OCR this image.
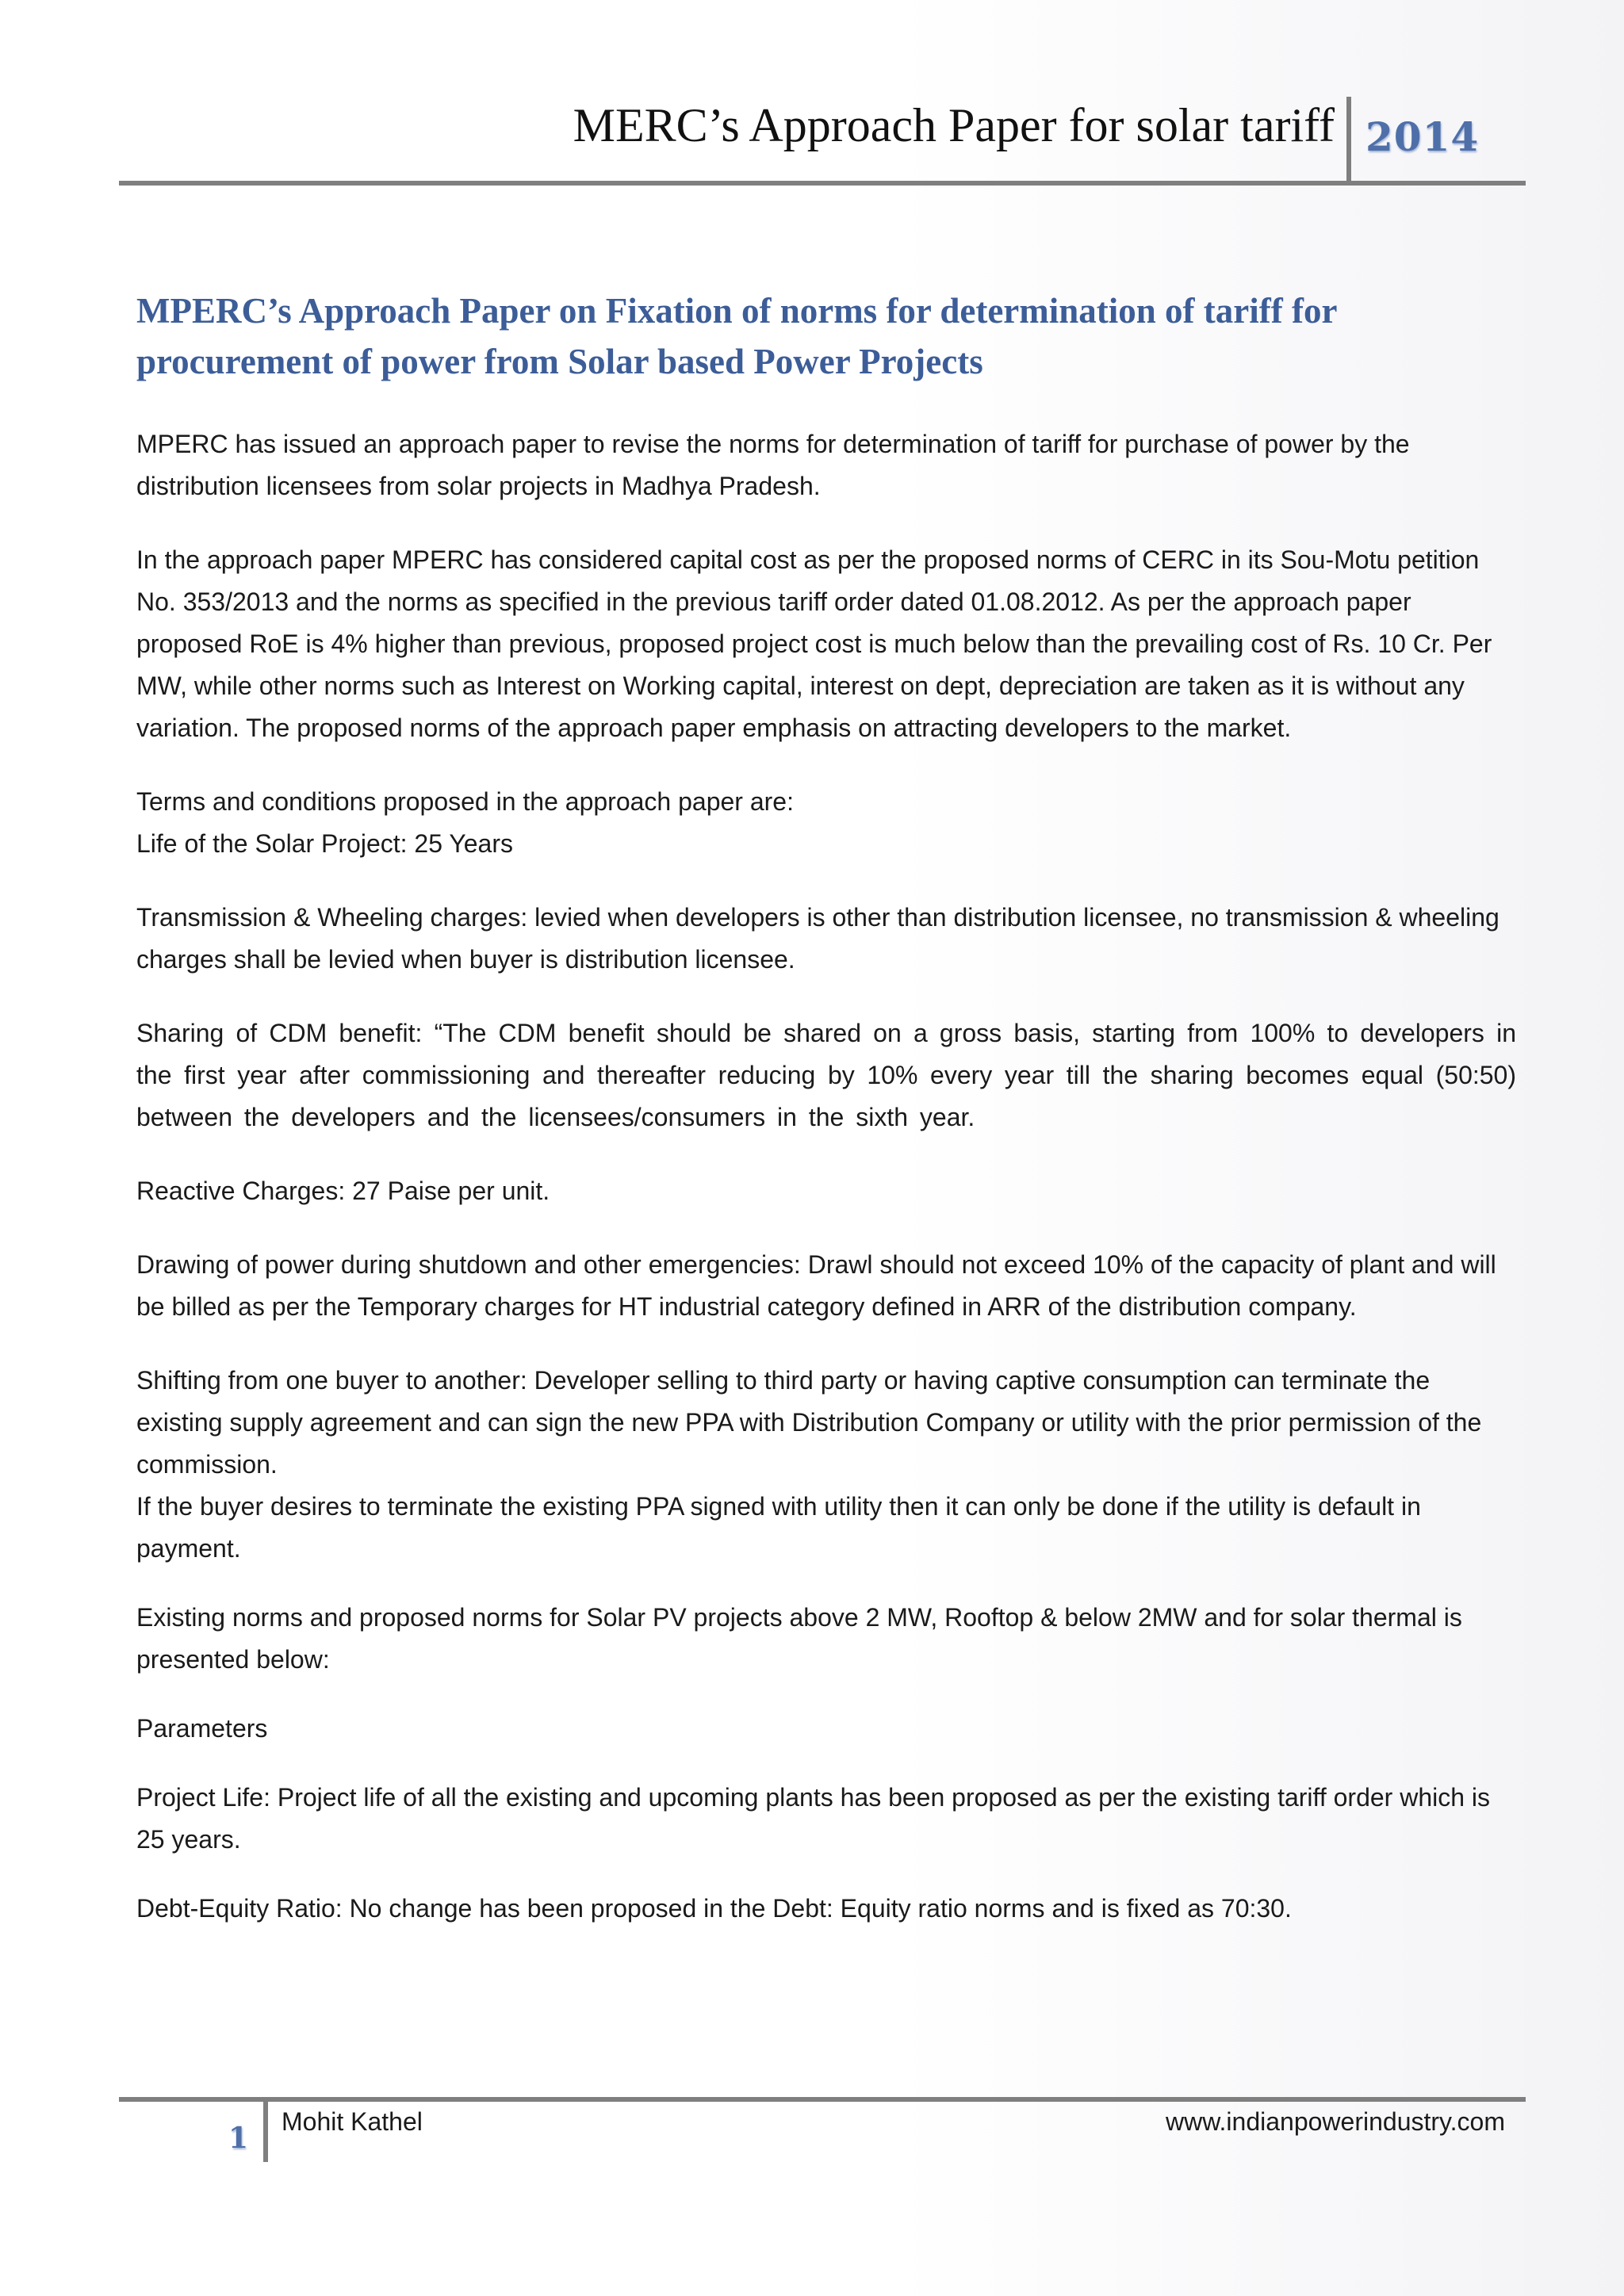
MERC’s Approach Paper for solar tariff 2014
MPERC’s Approach Paper on Fixation of norms for determination of tariff for procurement of power from Solar based Power Projects

MPERC has issued an approach paper to revise the norms for determination of tariff for purchase of power by the distribution licensees from solar projects in Madhya Pradesh.

In the approach paper MPERC has considered capital cost as per the proposed norms of CERC in its Sou-Motu petition No. 353/2013 and the norms as specified in the previous tariff order dated 01.08.2012. As per the approach paper proposed RoE is 4% higher than previous, proposed project cost is much below than the prevailing cost of Rs. 10 Cr. Per MW, while other norms such as Interest on Working capital, interest on dept, depreciation are taken as it is without any variation. The proposed norms of the approach paper emphasis on attracting developers to the market.

Terms and conditions proposed in the approach paper are:

Life of the Solar Project: 25 Years

Transmission & Wheeling charges: levied when developers is other than distribution licensee, no transmission & wheeling charges shall be levied when buyer is distribution licensee.

Sharing of CDM benefit: “The CDM benefit should be shared on a gross basis, starting from 100% to developers in the first year after commissioning and thereafter reducing by 10% every year till the sharing becomes equal (50:50) between the developers and the licensees/consumers in the sixth year.

Reactive Charges: 27 Paise per unit.

Drawing of power during shutdown and other emergencies: Drawl should not exceed 10% of the capacity of plant and will be billed as per the Temporary charges for HT industrial category defined in ARR of the distribution company.

Shifting from one buyer to another: Developer selling to third party or having captive consumption can terminate the existing supply agreement and can sign the new PPA with Distribution Company or utility with the prior permission of the commission.

If the buyer desires to terminate the existing PPA signed with utility then it can only be done if the utility is default in payment.

Existing norms and proposed norms for Solar PV projects above 2 MW, Rooftop & below 2MW and for solar thermal is presented below:

Parameters

Project Life: Project life of all the existing and upcoming plants has been proposed as per the existing tariff order which is 25 years.

Debt-Equity Ratio: No change has been proposed in the Debt: Equity ratio norms and is fixed as 70:30.

1 Mohit Kathel	www.indianpowerindustry.com
